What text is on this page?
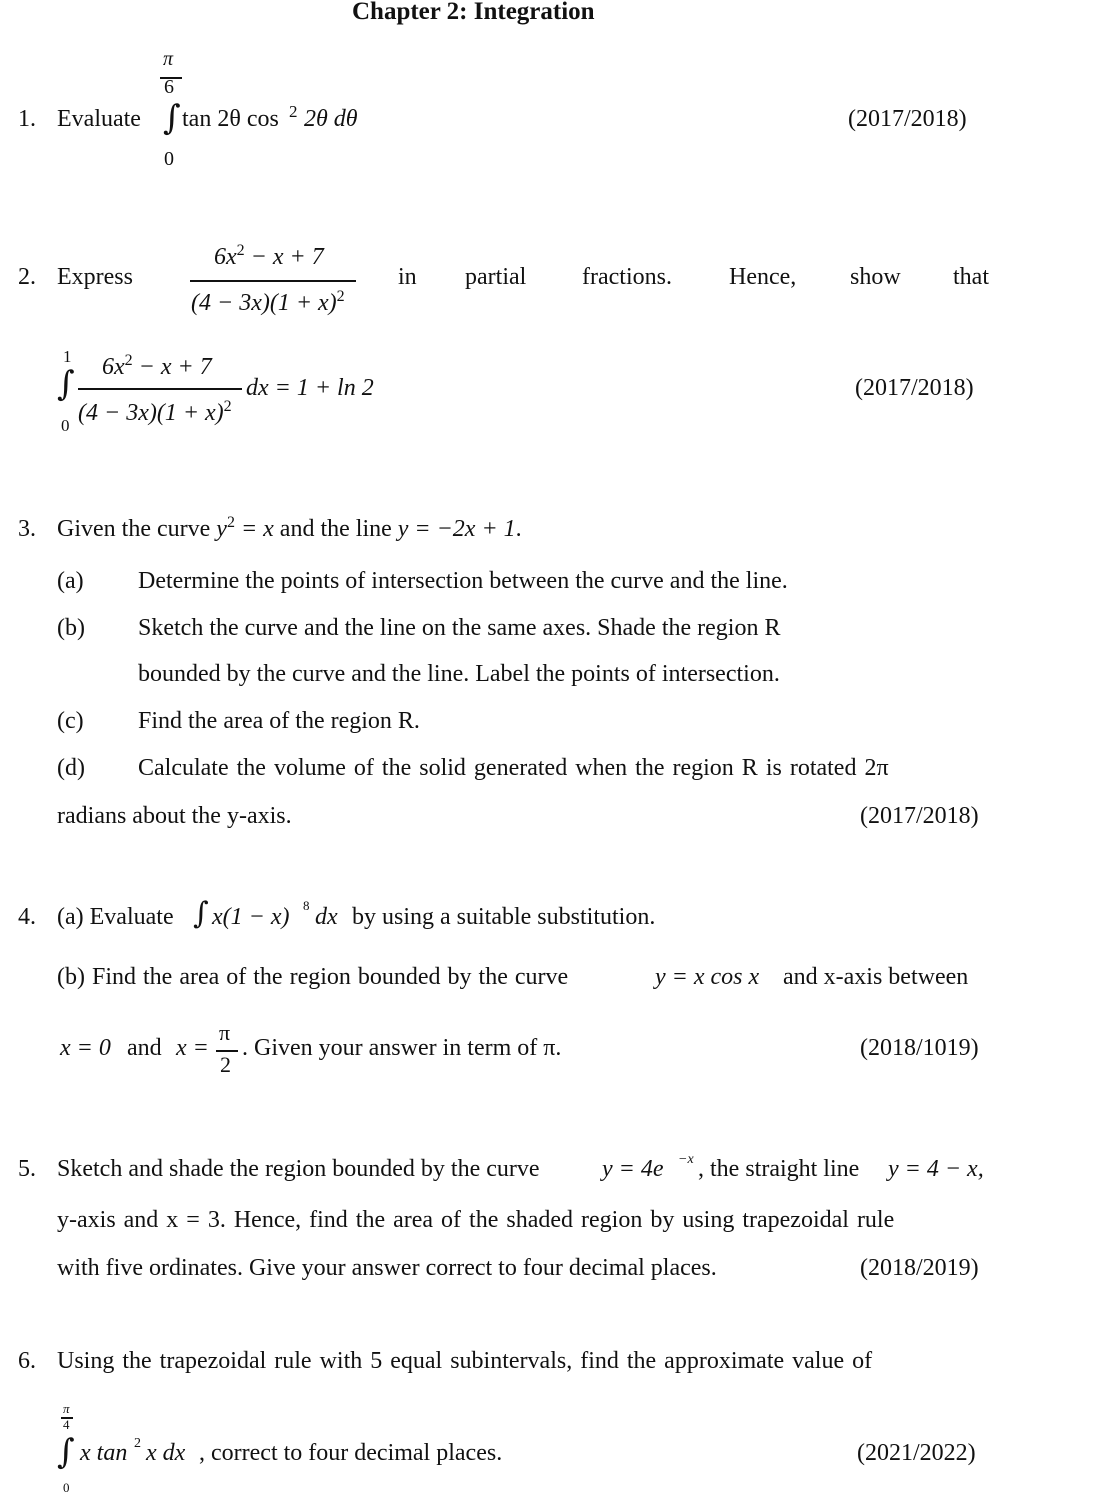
Chapter 2: Integration
1. Evaluate
π
6
∫
0
tan 2θ cos 2 2θ dθ	(2017/2018)
2. Express
$6x^2 - x + 7$
$(4 - 3x)(1 + x)^2$
in partial fractions. Hence, show that
1
∫
0
$6x^2 - x + 7$
$(4 - 3x)(1 + x)^2$
dx = 1 + ln 2	(2017/2018)
3. Given the curve $y^2 = x$ and the line y = −2x + 1.
(a) Determine the points of intersection between the curve and the line.
(b) Sketch the curve and the line on the same axes. Shade the region R
bounded by the curve and the line. Label the points of intersection.
(c) Find the area of the region R.
(d) Calculate the volume of the solid generated when the region R is rotated 2π
radians about the y-axis.	(2017/2018)
4. (a) Evaluate ∫ x(1 − x) 8 dx by using a suitable substitution.
(b) Find the area of the region bounded by the curve	y = x cos x and x-axis between
x = 0 and x =
π
2
. Given your answer in term of π.	(2018/1019)
5. Sketch and shade the region bounded by the curve	y = 4e −x , the straight line y = 4 − x,
y-axis and x = 3. Hence, find the area of the shaded region by using trapezoidal rule
with five ordinates. Give your answer correct to four decimal places.	(2018/2019)
6. Using the trapezoidal rule with 5 equal subintervals, find the approximate value of
π
4
∫
0
x tan 2 x dx , correct to four decimal places.	(2021/2022)
